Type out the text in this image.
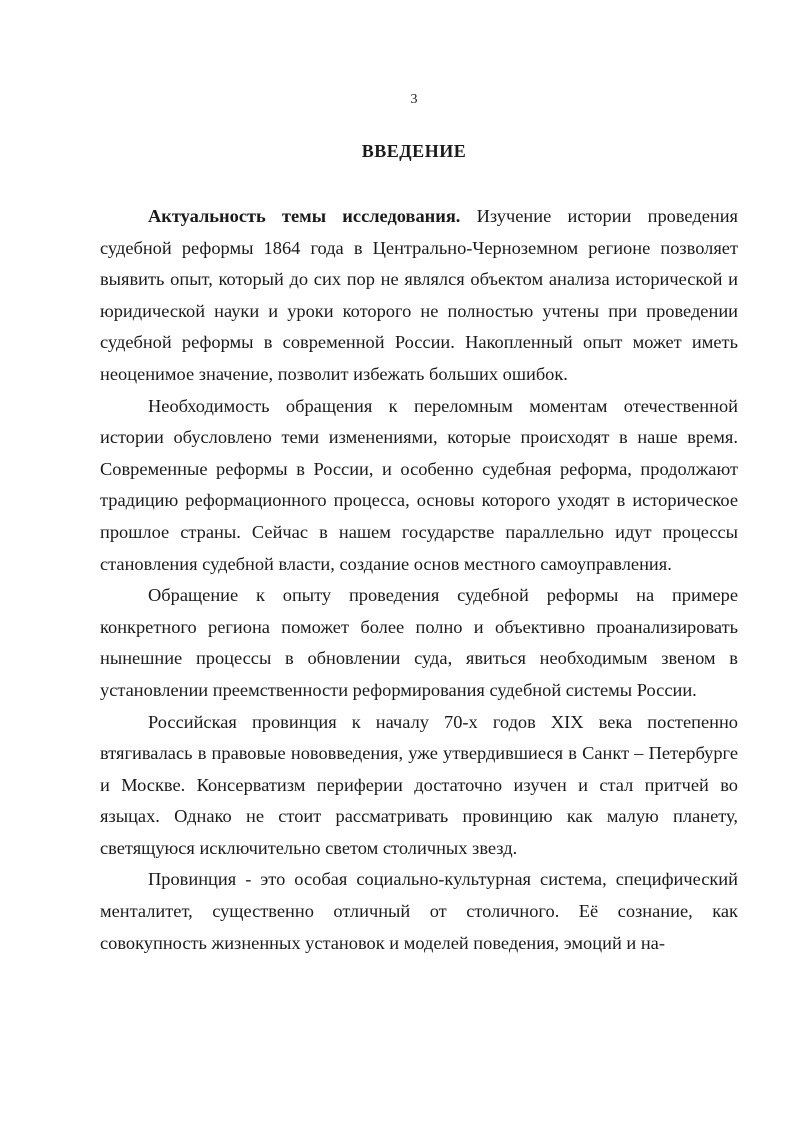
3
ВВЕДЕНИЕ

Актуальность темы исследования. Изучение истории проведения судебной реформы 1864 года в Центрально-Черноземном регионе позволяет выявить опыт, который до сих пор не являлся объектом анализа исторической и юридической науки и уроки которого не полностью учтены при проведении судебной реформы в современной России. Накопленный опыт может иметь неоценимое значение, позволит избежать больших ошибок.

Необходимость обращения к переломным моментам отечественной истории обусловлено теми изменениями, которые происходят в наше время. Современные реформы в России, и особенно судебная реформа, продолжают традицию реформационного процесса, основы которого уходят в историческое прошлое страны. Сейчас в нашем государстве параллельно идут процессы становления судебной власти, создание основ местного самоуправления.

Обращение к опыту проведения судебной реформы на примере конкретного региона поможет более полно и объективно проанализировать нынешние процессы в обновлении суда, явиться необходимым звеном в установлении преемственности реформирования судебной системы России.

Российская провинция к началу 70-х годов XIX века постепенно втягивалась в правовые нововведения, уже утвердившиеся в Санкт – Петербурге и Москве. Консерватизм периферии достаточно изучен и стал притчей во языцах. Однако не стоит рассматривать провинцию как малую планету, светящуюся исключительно светом столичных звезд.

Провинция - это особая социально-культурная система, специфический менталитет, существенно отличный от столичного. Её сознание, как совокупность жизненных установок и моделей поведения, эмоций и на-
